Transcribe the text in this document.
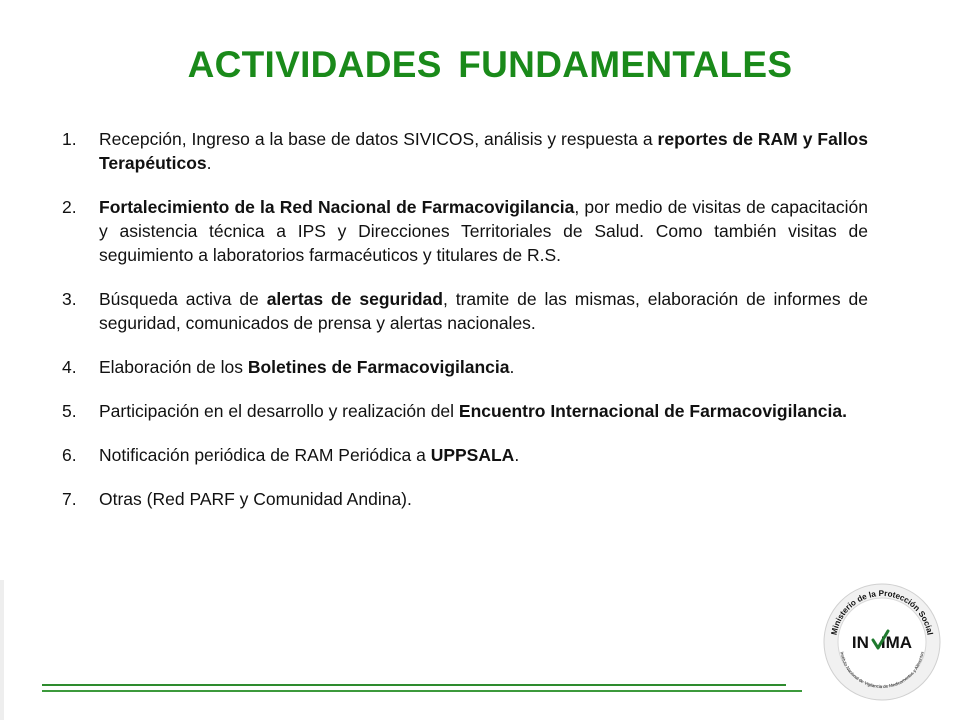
ACTIVIDADES FUNDAMENTALES
1.	Recepción, Ingreso a la base de datos SIVICOS, análisis y respuesta a reportes de RAM y Fallos Terapéuticos.
2.	Fortalecimiento de la Red Nacional de Farmacovigilancia, por medio de visitas de capacitación y asistencia técnica a IPS y Direcciones Territoriales de Salud. Como también visitas de seguimiento a laboratorios farmacéuticos y titulares de R.S.
3.	Búsqueda activa de alertas de seguridad, tramite de las mismas, elaboración de informes de seguridad, comunicados de prensa y alertas nacionales.
4.	Elaboración de los Boletines de Farmacovigilancia.
5.	Participación en el desarrollo y realización del Encuentro Internacional de Farmacovigilancia.
6.	Notificación periódica de RAM Periódica a UPPSALA.
7.	Otras (Red PARF y Comunidad Andina).
Ministerio de la Protección Social
Instituto Nacional de Vigilancia de Medicamentos y Alimentos
IN IMA
